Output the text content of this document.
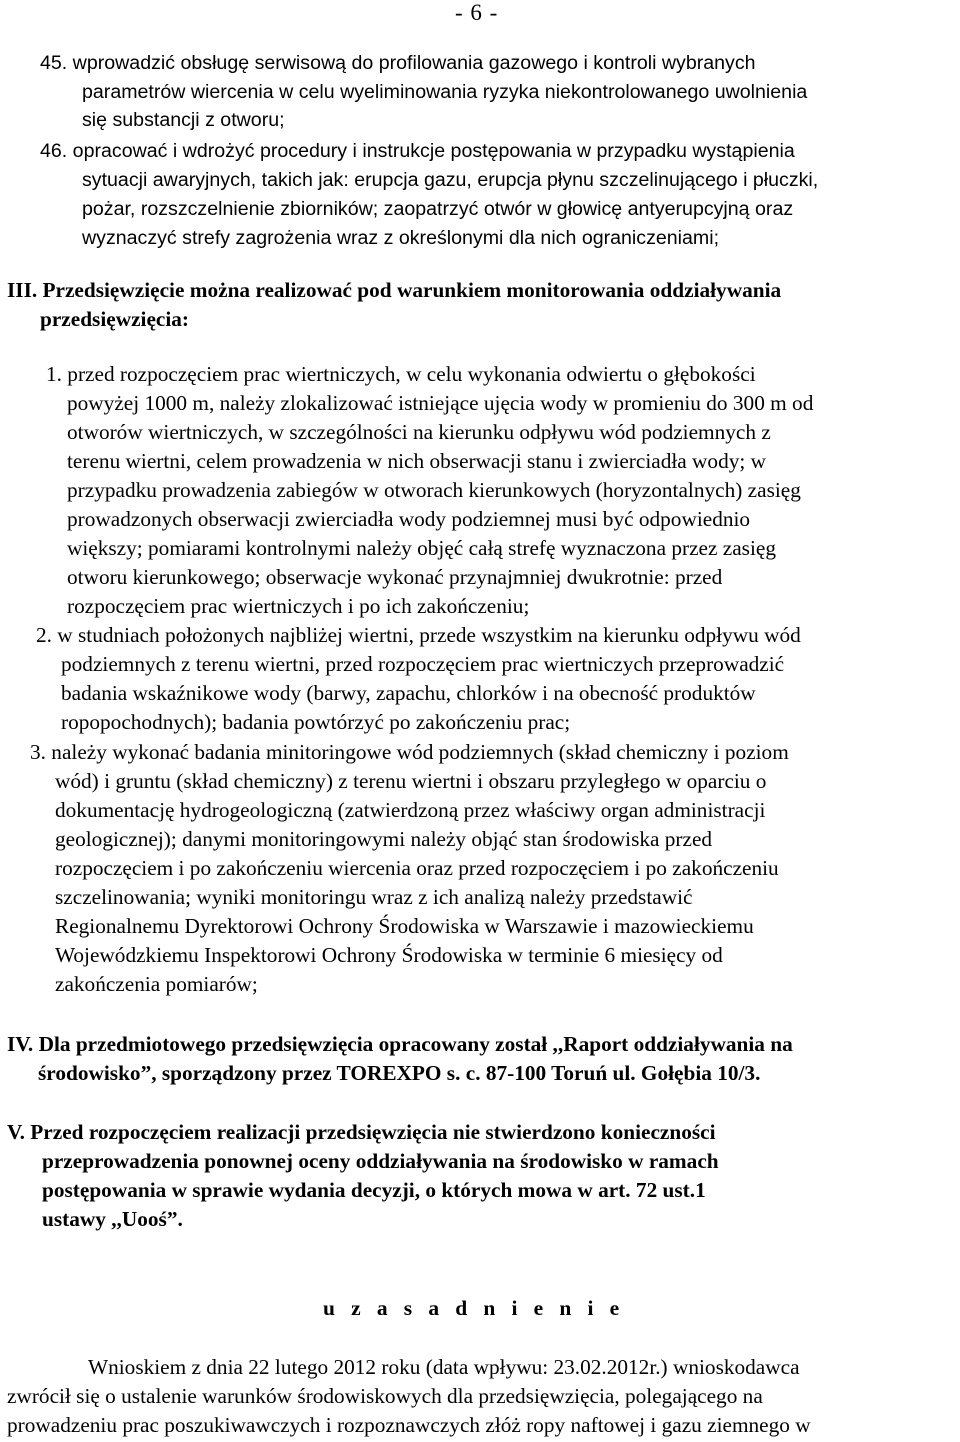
- 6 -
45. wprowadzić obsługę serwisową do profilowania gazowego i kontroli wybranych
parametrów wiercenia w celu wyeliminowania ryzyka niekontrolowanego uwolnienia
się substancji z otworu;
46. opracować i wdrożyć procedury i instrukcje postępowania w przypadku wystąpienia
sytuacji awaryjnych, takich jak: erupcja gazu, erupcja płynu szczelinującego i płuczki,
pożar, rozszczelnienie zbiorników; zaopatrzyć otwór w głowicę antyerupcyjną oraz
wyznaczyć strefy zagrożenia wraz z określonymi dla nich ograniczeniami;
III. Przedsięwzięcie można realizować pod warunkiem monitorowania oddziaływania
przedsięwzięcia:
1. przed rozpoczęciem prac wiertniczych, w celu wykonania odwiertu o głębokości
powyżej 1000 m, należy zlokalizować istniejące ujęcia wody w promieniu do 300 m od
otworów wiertniczych, w szczególności na kierunku odpływu wód podziemnych z
terenu wiertni, celem prowadzenia w nich obserwacji stanu i zwierciadła wody; w
przypadku prowadzenia zabiegów w otworach kierunkowych (horyzontalnych) zasięg
prowadzonych obserwacji zwierciadła wody podziemnej musi być odpowiednio
większy; pomiarami kontrolnymi należy objęć całą strefę wyznaczona przez zasięg
otworu kierunkowego; obserwacje wykonać przynajmniej dwukrotnie: przed
rozpoczęciem prac wiertniczych i po ich zakończeniu;
2. w studniach położonych najbliżej wiertni, przede wszystkim na kierunku odpływu wód
podziemnych z terenu wiertni, przed rozpoczęciem prac wiertniczych przeprowadzić
badania wskaźnikowe wody (barwy, zapachu, chlorków i na obecność produktów
ropopochodnych); badania powtórzyć po zakończeniu prac;
3. należy wykonać badania minitoringowe wód podziemnych (skład chemiczny i poziom
wód) i gruntu (skład chemiczny) z terenu wiertni i obszaru przyległego w oparciu o
dokumentację hydrogeologiczną (zatwierdzoną przez właściwy organ administracji
geologicznej); danymi monitoringowymi należy objąć stan środowiska przed
rozpoczęciem i po zakończeniu wiercenia oraz przed rozpoczęciem i po zakończeniu
szczelinowania; wyniki monitoringu wraz z ich analizą należy przedstawić
Regionalnemu Dyrektorowi Ochrony Środowiska w Warszawie i mazowieckiemu
Wojewódzkiemu Inspektorowi Ochrony Środowiska w terminie 6 miesięcy od
zakończenia pomiarów;
IV. Dla przedmiotowego przedsięwzięcia opracowany został ,,Raport oddziaływania na
środowisko”, sporządzony przez TOREXPO s. c. 87-100 Toruń ul. Gołębia 10/3.
V. Przed rozpoczęciem realizacji przedsięwzięcia nie stwierdzono konieczności
przeprowadzenia ponownej oceny oddziaływania na środowisko w ramach
postępowania w sprawie wydania decyzji, o których mowa w art. 72 ust.1
ustawy ,,Uooś”.
u z a s a d n i e n i e
Wnioskiem z dnia 22 lutego 2012 roku (data wpływu: 23.02.2012r.) wnioskodawca
zwrócił się o ustalenie warunków środowiskowych dla przedsięwzięcia, polegającego na
prowadzeniu prac poszukiwawczych i rozpoznawczych złóż ropy naftowej i gazu ziemnego w
